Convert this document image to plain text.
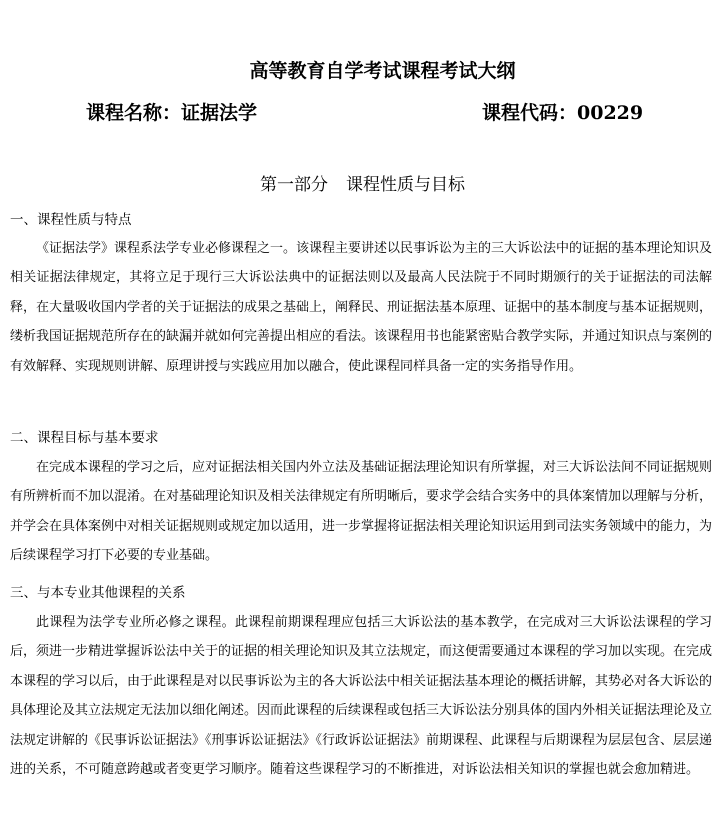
高等教育自学考试课程考试大纲
课程名称：证据法学	课程代码：00229
第一部分 课程性质与目标
一、课程性质与特点

《证据法学》课程系法学专业必修课程之一。该课程主要讲述以民事诉讼为主的三大诉讼法中的证据的基本理论知识及相关证据法律规定，其将立足于现行三大诉讼法典中的证据法则以及最高人民法院于不同时期颁行的关于证据法的司法解释，在大量吸收国内学者的关于证据法的成果之基础上，阐释民、刑证据法基本原理、证据中的基本制度与基本证据规则，缕析我国证据规范所存在的缺漏并就如何完善提出相应的看法。该课程用书也能紧密贴合教学实际，并通过知识点与案例的有效解释、实现规则讲解、原理讲授与实践应用加以融合，使此课程同样具备一定的实务指导作用。

二、课程目标与基本要求

在完成本课程的学习之后，应对证据法相关国内外立法及基础证据法理论知识有所掌握，对三大诉讼法间不同证据规则有所辨析而不加以混淆。在对基础理论知识及相关法律规定有所明晰后，要求学会结合实务中的具体案情加以理解与分析，并学会在具体案例中对相关证据规则或规定加以适用，进一步掌握将证据法相关理论知识运用到司法实务领域中的能力，为后续课程学习打下必要的专业基础。

三、与本专业其他课程的关系

此课程为法学专业所必修之课程。此课程前期课程理应包括三大诉讼法的基本教学，在完成对三大诉讼法课程的学习后，须进一步精进掌握诉讼法中关于的证据的相关理论知识及其立法规定，而这便需要通过本课程的学习加以实现。在完成本课程的学习以后，由于此课程是对以民事诉讼为主的各大诉讼法中相关证据法基本理论的概括讲解，其势必对各大诉讼的具体理论及其立法规定无法加以细化阐述。因而此课程的后续课程或包括三大诉讼法分别具体的国内外相关证据法理论及立法规定讲解的《民事诉讼证据法》《刑事诉讼证据法》《行政诉讼证据法》前期课程、此课程与后期课程为层层包含、层层递进的关系，不可随意跨越或者变更学习顺序。随着这些课程学习的不断推进，对诉讼法相关知识的掌握也就会愈加精进。
